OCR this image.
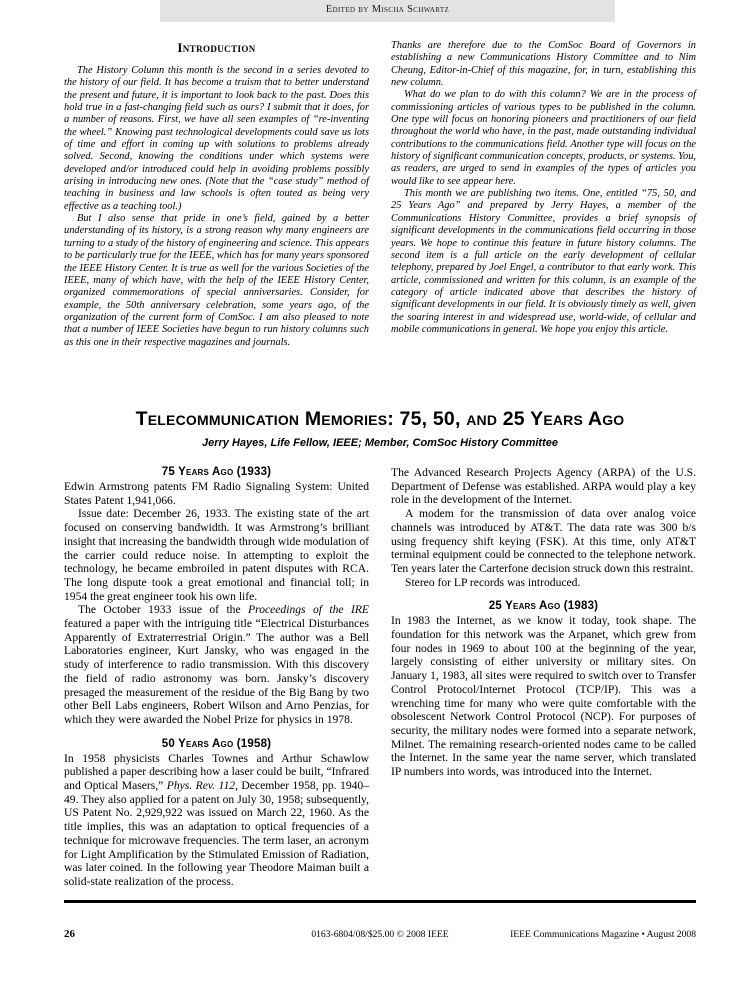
Edited by Mischa Schwartz
Introduction

The History Column this month is the second in a series devoted to the history of our field. It has become a truism that to better understand the present and future, it is important to look back to the past. Does this hold true in a fast-changing field such as ours? I submit that it does, for a number of reasons. First, we have all seen examples of “re-inventing the wheel.” Knowing past technological developments could save us lots of time and effort in coming up with solutions to problems already solved. Second, knowing the conditions under which systems were developed and/or introduced could help in avoiding problems possibly arising in introducing new ones. (Note that the “case study” method of teaching in business and law schools is often touted as being very effective as a teaching tool.)

But I also sense that pride in one’s field, gained by a better understanding of its history, is a strong reason why many engineers are turning to a study of the history of engineering and science. This appears to be particularly true for the IEEE, which has for many years sponsored the IEEE History Center. It is true as well for the various Societies of the IEEE, many of which have, with the help of the IEEE History Center, organized commemorations of special anniversaries. Consider, for example, the 50th anniversary celebration, some years ago, of the organization of the current form of ComSoc. I am also pleased to note that a number of IEEE Societies have begun to run history columns such as this one in their respective magazines and journals.

Thanks are therefore due to the ComSoc Board of Governors in establishing a new Communications History Committee and to Nim Cheung, Editor-in-Chief of this magazine, for, in turn, establishing this new column.

What do we plan to do with this column? We are in the process of commissioning articles of various types to be published in the column. One type will focus on honoring pioneers and practitioners of our field throughout the world who have, in the past, made outstanding individual contributions to the communications field. Another type will focus on the history of significant communication concepts, products, or systems. You, as readers, are urged to send in examples of the types of articles you would like to see appear here.

This month we are publishing two items. One, entitled “75, 50, and 25 Years Ago” and prepared by Jerry Hayes, a member of the Communications History Committee, provides a brief synopsis of significant developments in the communications field occurring in those years. We hope to continue this feature in future history columns. The second item is a full article on the early development of cellular telephony, prepared by Joel Engel, a contributor to that early work. This article, commissioned and written for this column, is an example of the category of article indicated above that describes the history of significant developments in our field. It is obviously timely as well, given the soaring interest in and widespread use, world-wide, of cellular and mobile communications in general. We hope you enjoy this article.

Telecommunication Memories: 75, 50, and 25 Years Ago
Jerry Hayes, Life Fellow, IEEE; Member, ComSoc History Committee
75 Years Ago (1933)

Edwin Armstrong patents FM Radio Signaling System: United States Patent 1,941,066.

Issue date: December 26, 1933. The existing state of the art focused on conserving bandwidth. It was Armstrong’s brilliant insight that increasing the bandwidth through wide modulation of the carrier could reduce noise. In attempting to exploit the technology, he became embroiled in patent disputes with RCA. The long dispute took a great emotional and financial toll; in 1954 the great engineer took his own life.

The October 1933 issue of the Proceedings of the IRE featured a paper with the intriguing title “Electrical Disturbances Apparently of Extraterrestrial Origin.” The author was a Bell Laboratories engineer, Kurt Jansky, who was engaged in the study of interference to radio transmission. With this discovery the field of radio astronomy was born. Jansky’s discovery presaged the measurement of the residue of the Big Bang by two other Bell Labs engineers, Robert Wilson and Arno Penzias, for which they were awarded the Nobel Prize for physics in 1978.

50 Years Ago (1958)

In 1958 physicists Charles Townes and Arthur Schawlow published a paper describing how a laser could be built, “Infrared and Optical Masers,” Phys. Rev. 112, December 1958, pp. 1940–49. They also applied for a patent on July 30, 1958; subsequently, US Patent No. 2,929,922 was issued on March 22, 1960. As the title implies, this was an adaptation to optical frequencies of a technique for microwave frequencies. The term laser, an acronym for Light Amplification by the Stimulated Emission of Radiation, was later coined. In the following year Theodore Maiman built a solid-state realization of the process.

The Advanced Research Projects Agency (ARPA) of the U.S. Department of Defense was established. ARPA would play a key role in the development of the Internet.

A modem for the transmission of data over analog voice channels was introduced by AT&T. The data rate was 300 b/s using frequency shift keying (FSK). At this time, only AT&T terminal equipment could be connected to the telephone network. Ten years later the Carterfone decision struck down this restraint.

Stereo for LP records was introduced.

25 Years Ago (1983)

In 1983 the Internet, as we know it today, took shape. The foundation for this network was the Arpanet, which grew from four nodes in 1969 to about 100 at the beginning of the year, largely consisting of either university or military sites. On January 1, 1983, all sites were required to switch over to Transfer Control Protocol/Internet Protocol (TCP/IP). This was a wrenching time for many who were quite comfortable with the obsolescent Network Control Protocol (NCP). For purposes of security, the military nodes were formed into a separate network, Milnet. The remaining research-oriented nodes came to be called the Internet. In the same year the name server, which translated IP numbers into words, was introduced into the Internet.

26	0163-6804/08/$25.00 © 2008 IEEE	IEEE Communications Magazine • August 2008
